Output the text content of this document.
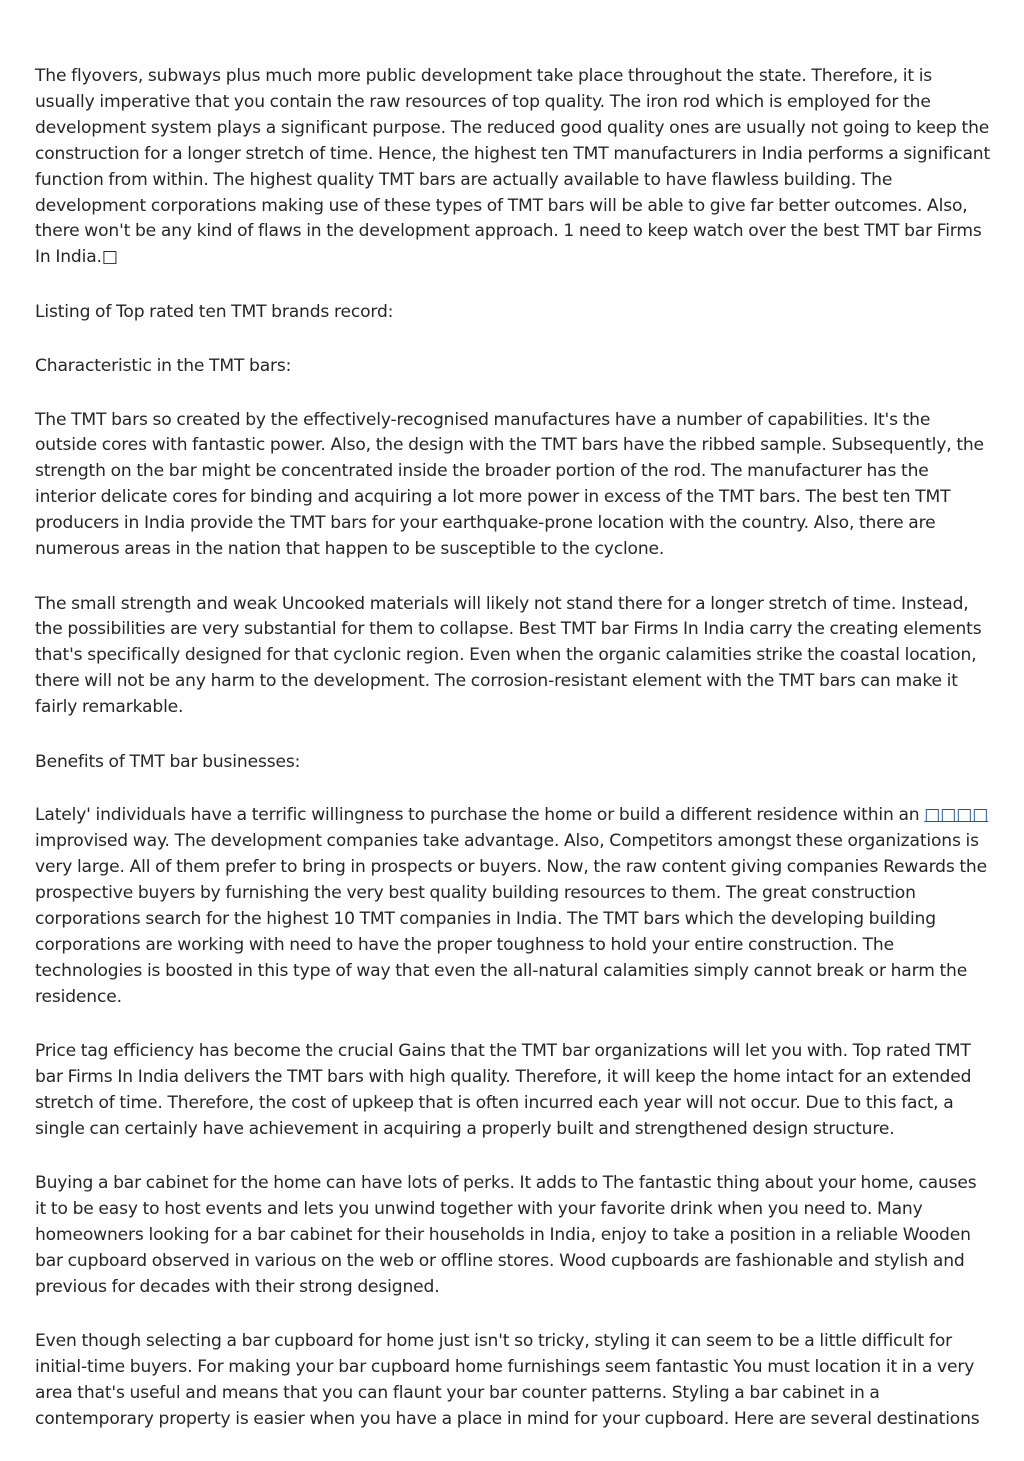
The flyovers, subways plus much more public development take place throughout the state. Therefore, it is usually imperative that you contain the raw resources of top quality. The iron rod which is employed for the development system plays a significant purpose. The reduced good quality ones are usually not going to keep the construction for a longer stretch of time. Hence, the highest ten TMT manufacturers in India performs a significant function from within. The highest quality TMT bars are actually available to have flawless building. The development corporations making use of these types of TMT bars will be able to give far better outcomes. Also, there won't be any kind of flaws in the development approach. 1 need to keep watch over the best TMT bar Firms In India.□

Listing of Top rated ten TMT brands record:

Characteristic in the TMT bars:

The TMT bars so created by the effectively-recognised manufactures have a number of capabilities. It's the outside cores with fantastic power. Also, the design with the TMT bars have the ribbed sample. Subsequently, the strength on the bar might be concentrated inside the broader portion of the rod. The manufacturer has the interior delicate cores for binding and acquiring a lot more power in excess of the TMT bars. The best ten TMT producers in India provide the TMT bars for your earthquake-prone location with the country. Also, there are numerous areas in the nation that happen to be susceptible to the cyclone.

The small strength and weak Uncooked materials will likely not stand there for a longer stretch of time. Instead, the possibilities are very substantial for them to collapse. Best TMT bar Firms In India carry the creating elements that's specifically designed for that cyclonic region. Even when the organic calamities strike the coastal location, there will not be any harm to the development. The corrosion-resistant element with the TMT bars can make it fairly remarkable.

Benefits of TMT bar businesses:

Lately' individuals have a terrific willingness to purchase the home or build a different residence within an □□□□ improvised way. The development companies take advantage. Also, Competitors amongst these organizations is very large. All of them prefer to bring in prospects or buyers. Now, the raw content giving companies Rewards the prospective buyers by furnishing the very best quality building resources to them. The great construction corporations search for the highest 10 TMT companies in India. The TMT bars which the developing building corporations are working with need to have the proper toughness to hold your entire construction. The technologies is boosted in this type of way that even the all-natural calamities simply cannot break or harm the residence.

Price tag efficiency has become the crucial Gains that the TMT bar organizations will let you with. Top rated TMT bar Firms In India delivers the TMT bars with high quality. Therefore, it will keep the home intact for an extended stretch of time. Therefore, the cost of upkeep that is often incurred each year will not occur. Due to this fact, a single can certainly have achievement in acquiring a properly built and strengthened design structure.

Buying a bar cabinet for the home can have lots of perks. It adds to The fantastic thing about your home, causes it to be easy to host events and lets you unwind together with your favorite drink when you need to. Many homeowners looking for a bar cabinet for their households in India, enjoy to take a position in a reliable Wooden bar cupboard observed in various on the web or offline stores. Wood cupboards are fashionable and stylish and previous for decades with their strong designed.

Even though selecting a bar cupboard for home just isn't so tricky, styling it can seem to be a little difficult for initial-time buyers. For making your bar cupboard home furnishings seem fantastic You must location it in a very area that's useful and means that you can flaunt your bar counter patterns. Styling a bar cabinet in a contemporary property is easier when you have a place in mind for your cupboard. Here are several destinations
